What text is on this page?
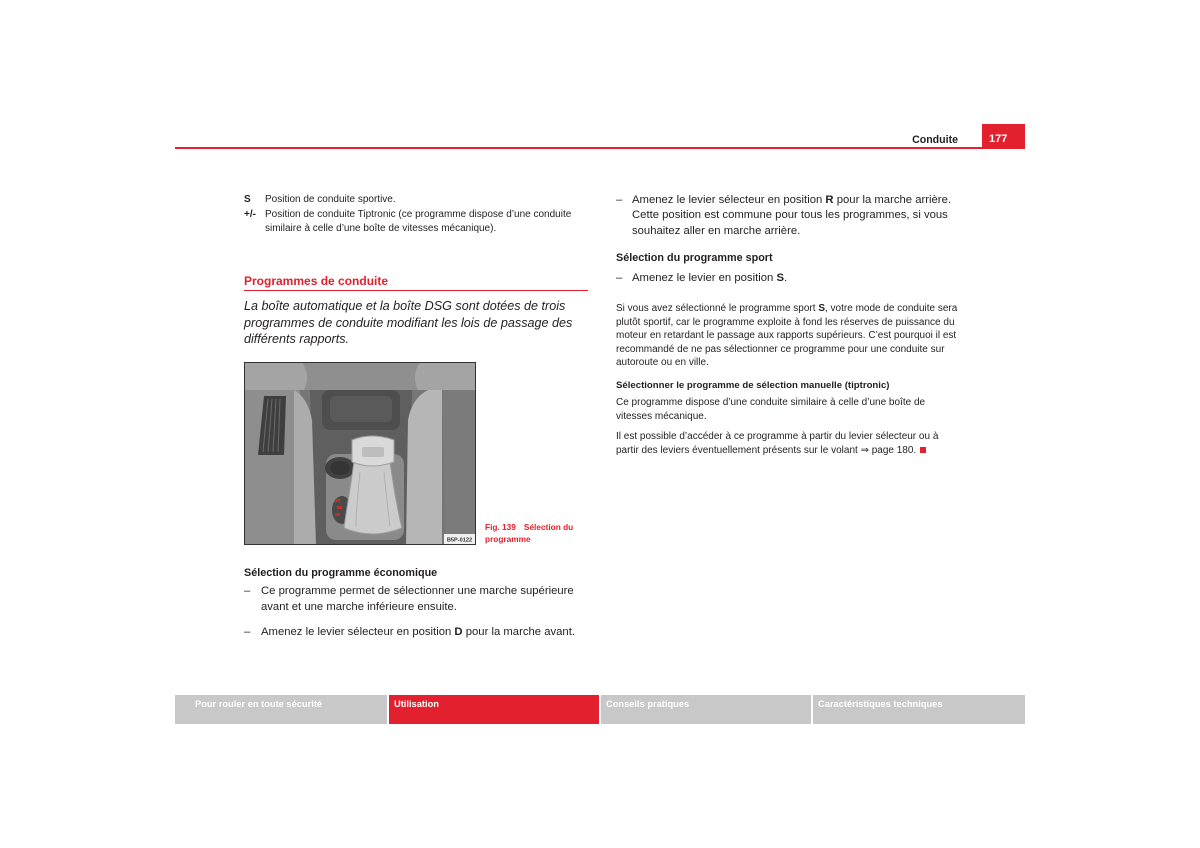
Conduite	177
S Position de conduite sportive.
+/- Position de conduite Tiptronic (ce programme dispose d’une conduite
similaire à celle d’une boîte de vitesses mécanique).
Programmes de conduite
La boîte automatique et la boîte DSG sont dotées de trois
programmes de conduite modifiant les lois de passage des
différents rapports.
B5P-0122
Fig. 139 Sélection du
programme
Sélection du programme économique
– Ce programme permet de sélectionner une marche supérieure
avant et une marche inférieure ensuite.
– Amenez le levier sélecteur en position D pour la marche avant.
– Amenez le levier sélecteur en position R pour la marche arrière.
Cette position est commune pour tous les programmes, si vous
souhaitez aller en marche arrière.
Sélection du programme sport
– Amenez le levier en position S.
Si vous avez sélectionné le programme sport S, votre mode de conduite sera
plutôt sportif, car le programme exploite à fond les réserves de puissance du
moteur en retardant le passage aux rapports supérieurs. C’est pourquoi il est
recommandé de ne pas sélectionner ce programme pour une conduite sur
autoroute ou en ville.
Sélectionner le programme de sélection manuelle (tiptronic)
Ce programme dispose d’une conduite similaire à celle d’une boîte de
vitesses mécanique.
Il est possible d’accéder à ce programme à partir du levier sélecteur ou à
partir des leviers éventuellement présents sur le volant ⇒ page 180.
Pour rouler en toute sécurité	Utilisation	Conseils pratiques	Caractéristiques techniques
